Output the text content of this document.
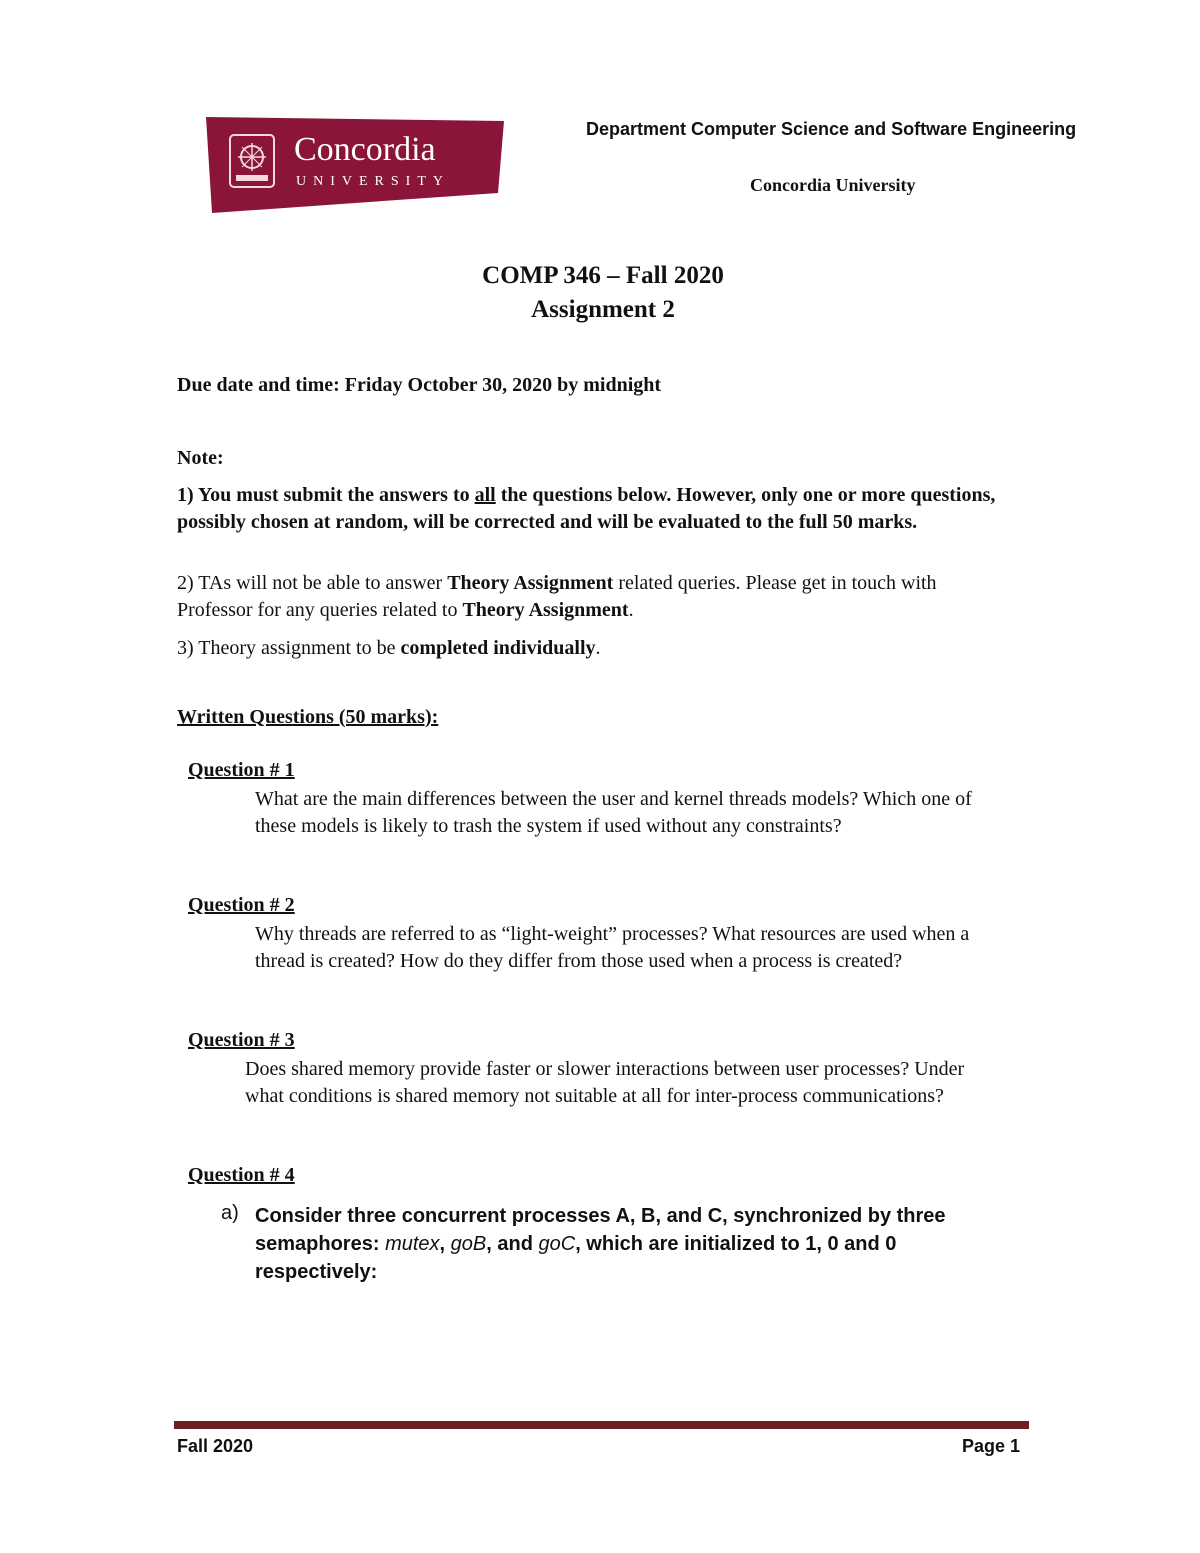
Concordia
UNIVERSITY
Department Computer Science and Software Engineering
Concordia University
COMP 346 – Fall 2020
Assignment 2
Due date and time: Friday October 30, 2020 by midnight
Note:
1) You must submit the answers to all the questions below. However, only one or more questions, possibly chosen at random, will be corrected and will be evaluated to the full 50 marks.
2) TAs will not be able to answer Theory Assignment related queries. Please get in touch with Professor for any queries related to Theory Assignment.
3) Theory assignment to be completed individually.
Written Questions (50 marks):
Question # 1
What are the main differences between the user and kernel threads models? Which one of these models is likely to trash the system if used without any constraints?
Question # 2
Why threads are referred to as “light-weight” processes? What resources are used when a thread is created? How do they differ from those used when a process is created?
Question # 3
Does shared memory provide faster or slower interactions between user processes? Under what conditions is shared memory not suitable at all for inter-process communications?
Question # 4
a) Consider three concurrent processes A, B, and C, synchronized by three semaphores: mutex, goB, and goC, which are initialized to 1, 0 and 0 respectively:
Fall 2020	Page 1
